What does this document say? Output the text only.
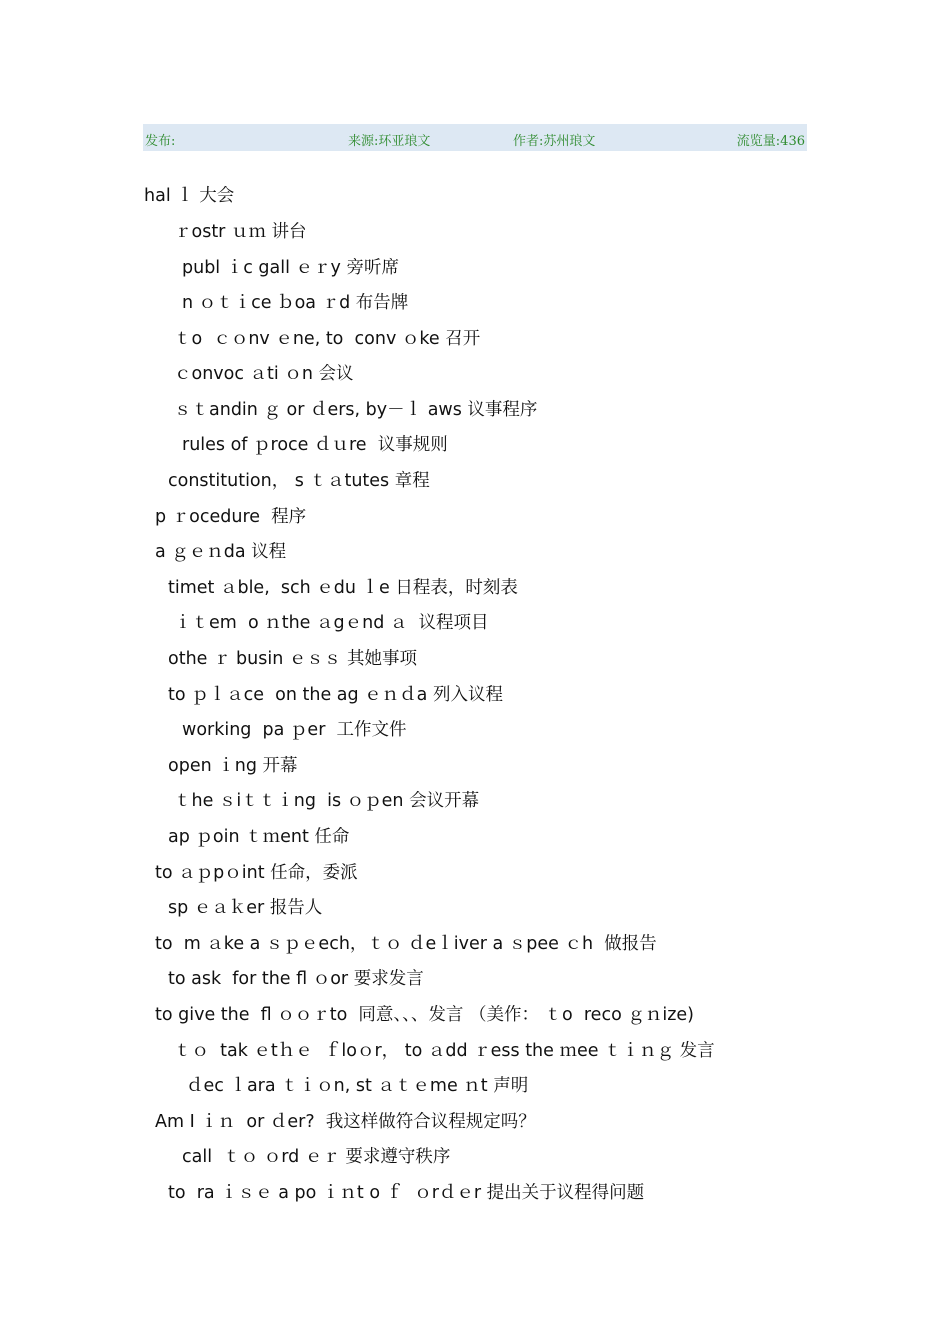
发布:	来源:环亚琅文	作者:苏州琅文	流览量:436
hal ｌ 大会
ｒostr ｕｍ 讲台
publ ｉc gall ｅｒy 旁听席
n ｏｔｉce ｂoa ｒd 布告牌
ｔo  ｃｏnv ｅne, to  conv ｏke 召开
ｃonvoc ａti ｏn 会议
ｓｔandin ｇ or ｄers, by－ｌ aws 议事程序
rules of ｐroce ｄｕre  议事规则
constitution， s ｔａtutes 章程
p ｒocedure  程序
a ｇｅｎda 议程
timet ａble,  sch ｅdu ｌe 日程表，时刻表
ｉｔem  o ｎthe ａgｅnd ａ  议程项目
othe ｒ busin ｅｓｓ 其她事项
to ｐｌａce  on the ag ｅｎｄa 列入议程
working  pa ｐer  工作文件
open ｉng 开幕
ｔhe ｓiｔｔｉng  is ｏｐen 会议开幕
ap ｐoin ｔｍent 任命
to ａｐpｏint 任命，委派
sp ｅａｋer 报告人
to  m ａke a ｓｐｅech，ｔｏ ｄeｌiver a ｓpee ｃh  做报告
to ask  for the fl ｏor 要求发言
to give the  fl ｏｏｒto  同意、、、发言 （美作： ｔo  reco ｇｎize)
ｔｏ  tak ｅtｈｅ  ｆloｏr， to ａdd ｒess the ｍee ｔｉｎｇ 发言
ｄec ｌara ｔｉｏn, st ａｔｅme ｎt 声明
Am I ｉｎ  or ｄer?  我这样做符合议程规定吗？
call  ｔｏ ｏrd ｅｒ 要求遵守秩序
to  ra ｉｓｅ a po ｉｎt o ｆ  ｏrｄｅr 提出关于议程得问题
